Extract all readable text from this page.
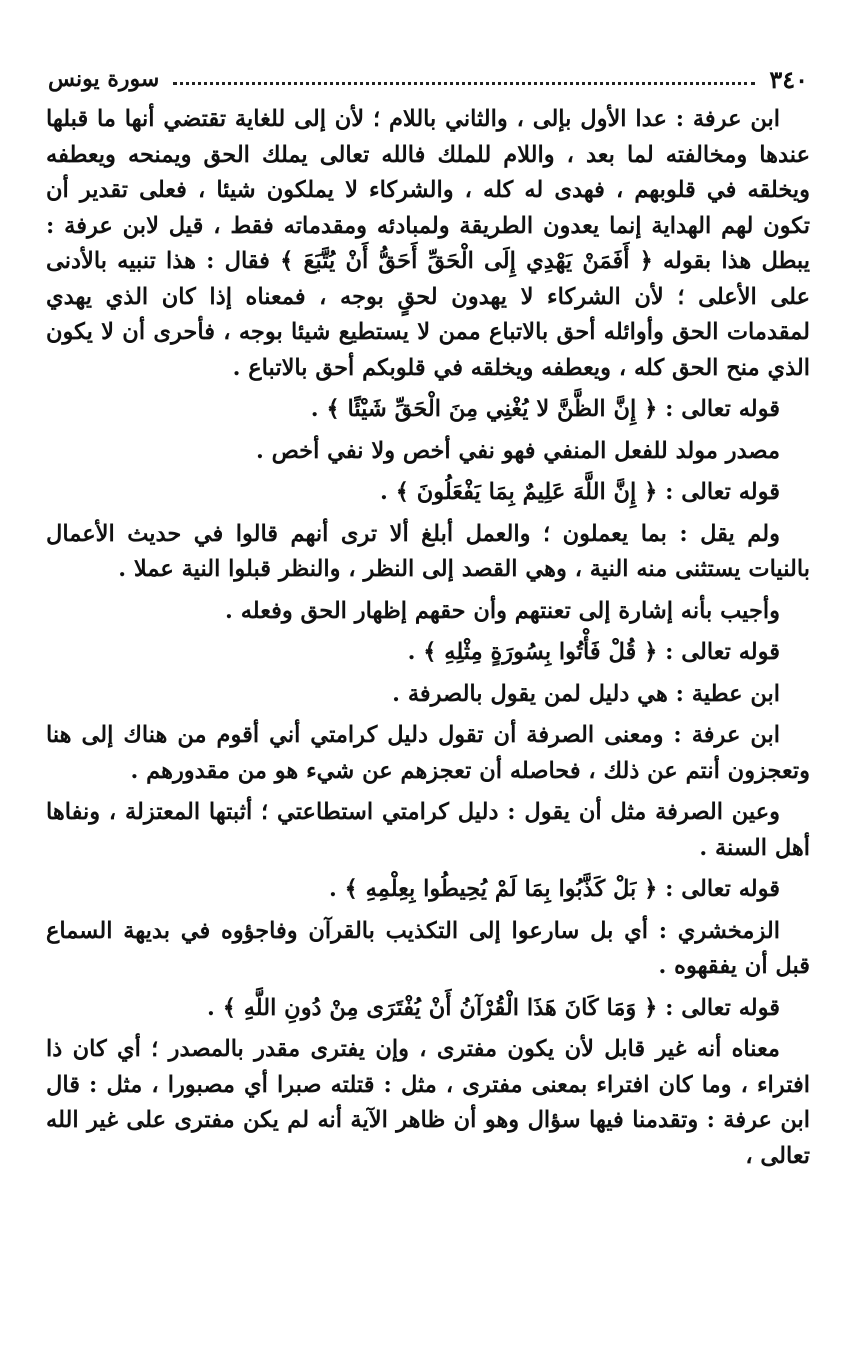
٣٤٠
سورة يونس

ابن عرفة : عدا الأول بإلى ، والثاني باللام ؛ لأن إلى للغاية تقتضي أنها ما قبلها عندها ومخالفته لما بعد ، واللام للملك فالله تعالى يملك الحق ويمنحه ويعطفه ويخلقه في قلوبهم ، فهدى له كله ، والشركاء لا يملكون شيئا ، فعلى تقدير أن تكون لهم الهداية إنما يعدون الطريقة ولمبادئه ومقدماته فقط ، قيل لابن عرفة : يبطل هذا بقوله ﴿ أَفَمَنْ يَهْدِي إِلَى الْحَقِّ أَحَقُّ أَنْ يُتَّبَعَ ﴾ فقال : هذا تنبيه بالأدنى على الأعلى ؛ لأن الشركاء لا يهدون لحقٍ بوجه ، فمعناه إذا كان الذي يهدي لمقدمات الحق وأوائله أحق بالاتباع ممن لا يستطيع شيئا بوجه ، فأحرى أن لا يكون الذي منح الحق كله ، ويعطفه ويخلقه في قلوبكم أحق بالاتباع .

قوله تعالى : ﴿ إِنَّ الظَّنَّ لا يُغْنِي مِنَ الْحَقِّ شَيْئًا ﴾ .

مصدر مولد للفعل المنفي فهو نفي أخص ولا نفي أخص .

قوله تعالى : ﴿ إِنَّ اللَّهَ عَلِيمٌ بِمَا يَفْعَلُونَ ﴾ .

ولم يقل : بما يعملون ؛ والعمل أبلغ ألا ترى أنهم قالوا في حديث الأعمال بالنيات يستثنى منه النية ، وهي القصد إلى النظر ، والنظر قبلوا النية عملا .

وأجيب بأنه إشارة إلى تعنتهم وأن حقهم إظهار الحق وفعله .

قوله تعالى : ﴿ قُلْ فَأْتُوا بِسُورَةٍ مِثْلِهِ ﴾ .

ابن عطية : هي دليل لمن يقول بالصرفة .

ابن عرفة : ومعنى الصرفة أن تقول دليل كرامتي أني أقوم من هناك إلى هنا وتعجزون أنتم عن ذلك ، فحاصله أن تعجزهم عن شيء هو من مقدورهم .

وعين الصرفة مثل أن يقول : دليل كرامتي استطاعتي ؛ أثبتها المعتزلة ، ونفاها أهل السنة .

قوله تعالى : ﴿ بَلْ كَذَّبُوا بِمَا لَمْ يُحِيطُوا بِعِلْمِهِ ﴾ .

الزمخشري : أي بل سارعوا إلى التكذيب بالقرآن وفاجؤوه في بديهة السماع قبل أن يفقهوه .

قوله تعالى : ﴿ وَمَا كَانَ هَذَا الْقُرْآنُ أَنْ يُفْتَرَى مِنْ دُونِ اللَّهِ ﴾ .

معناه أنه غير قابل لأن يكون مفترى ، وإن يفترى مقدر بالمصدر ؛ أي كان ذا افتراء ، وما كان افتراء بمعنى مفترى ، مثل : قتلته صبرا أي مصبورا ، مثل : قال ابن عرفة : وتقدمنا فيها سؤال وهو أن ظاهر الآية أنه لم يكن مفترى على غير الله تعالى ،
